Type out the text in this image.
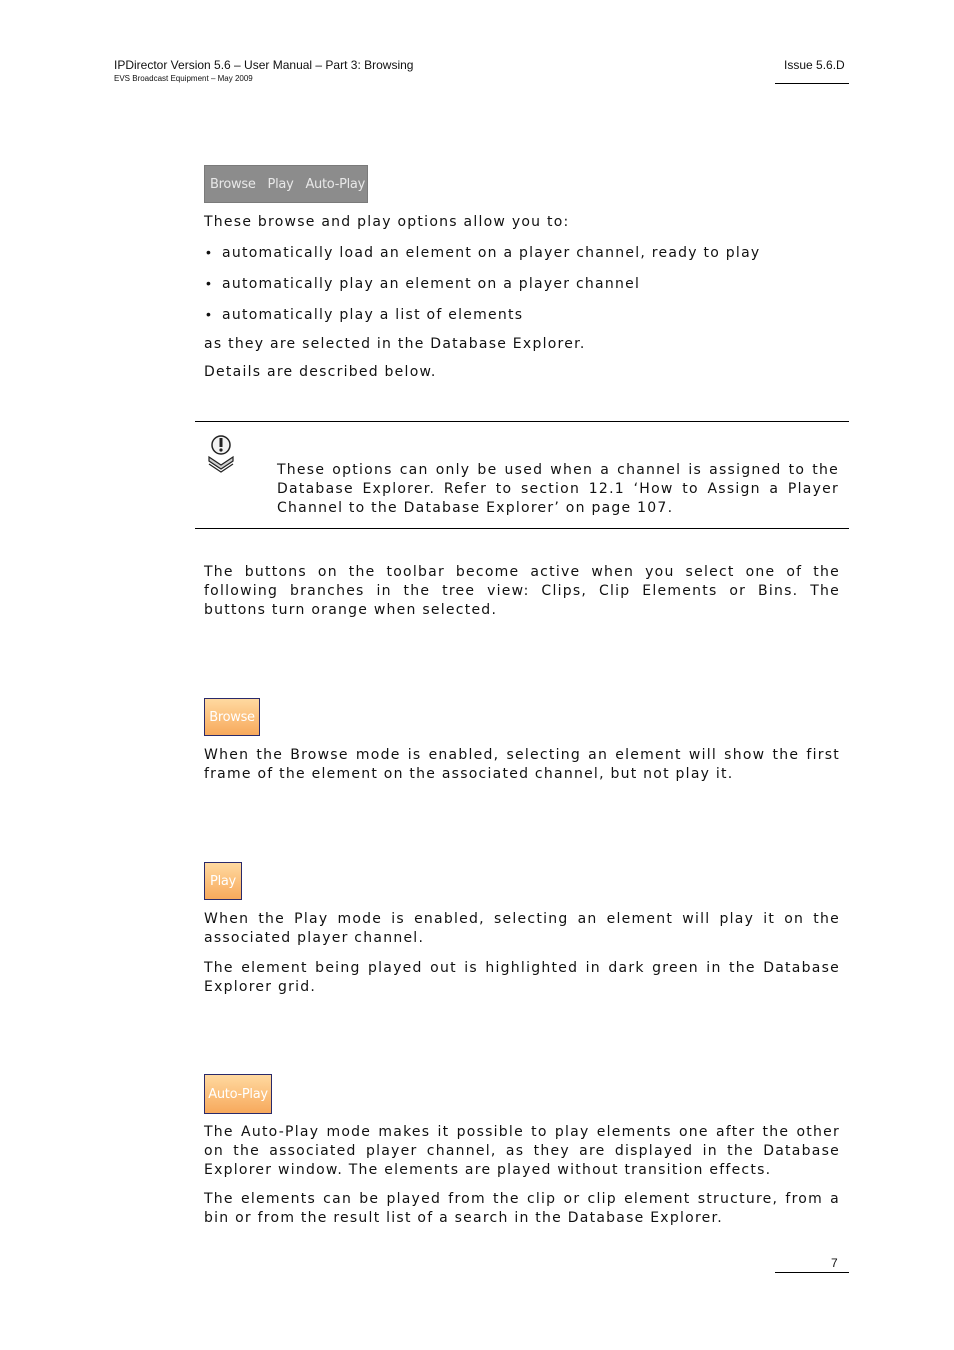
IPDirector Version 5.6 – User Manual – Part 3: Browsing
EVS Broadcast Equipment – May 2009
Issue 5.6.D
Browse Play Auto-Play

These browse and play options allow you to:

• automatically load an element on a player channel, ready to play

• automatically play an element on a player channel

• automatically play a list of elements

as they are selected in the Database Explorer.

Details are described below.

These options can only be used when a channel is assigned to the Database Explorer. Refer to section 12.1 ‘How to Assign a Player Channel to the Database Explorer’ on page 107.

The buttons on the toolbar become active when you select one of the following branches in the tree view: Clips, Clip Elements or Bins. The buttons turn orange when selected.

Browse

When the Browse mode is enabled, selecting an element will show the first frame of the element on the associated channel, but not play it.

Play

When the Play mode is enabled, selecting an element will play it on the associated player channel.

The element being played out is highlighted in dark green in the Database Explorer grid.

Auto-Play

The Auto-Play mode makes it possible to play elements one after the other on the associated player channel, as they are displayed in the Database Explorer window. The elements are played without transition effects.

The elements can be played from the clip or clip element structure, from a bin or from the result list of a search in the Database Explorer.

7
